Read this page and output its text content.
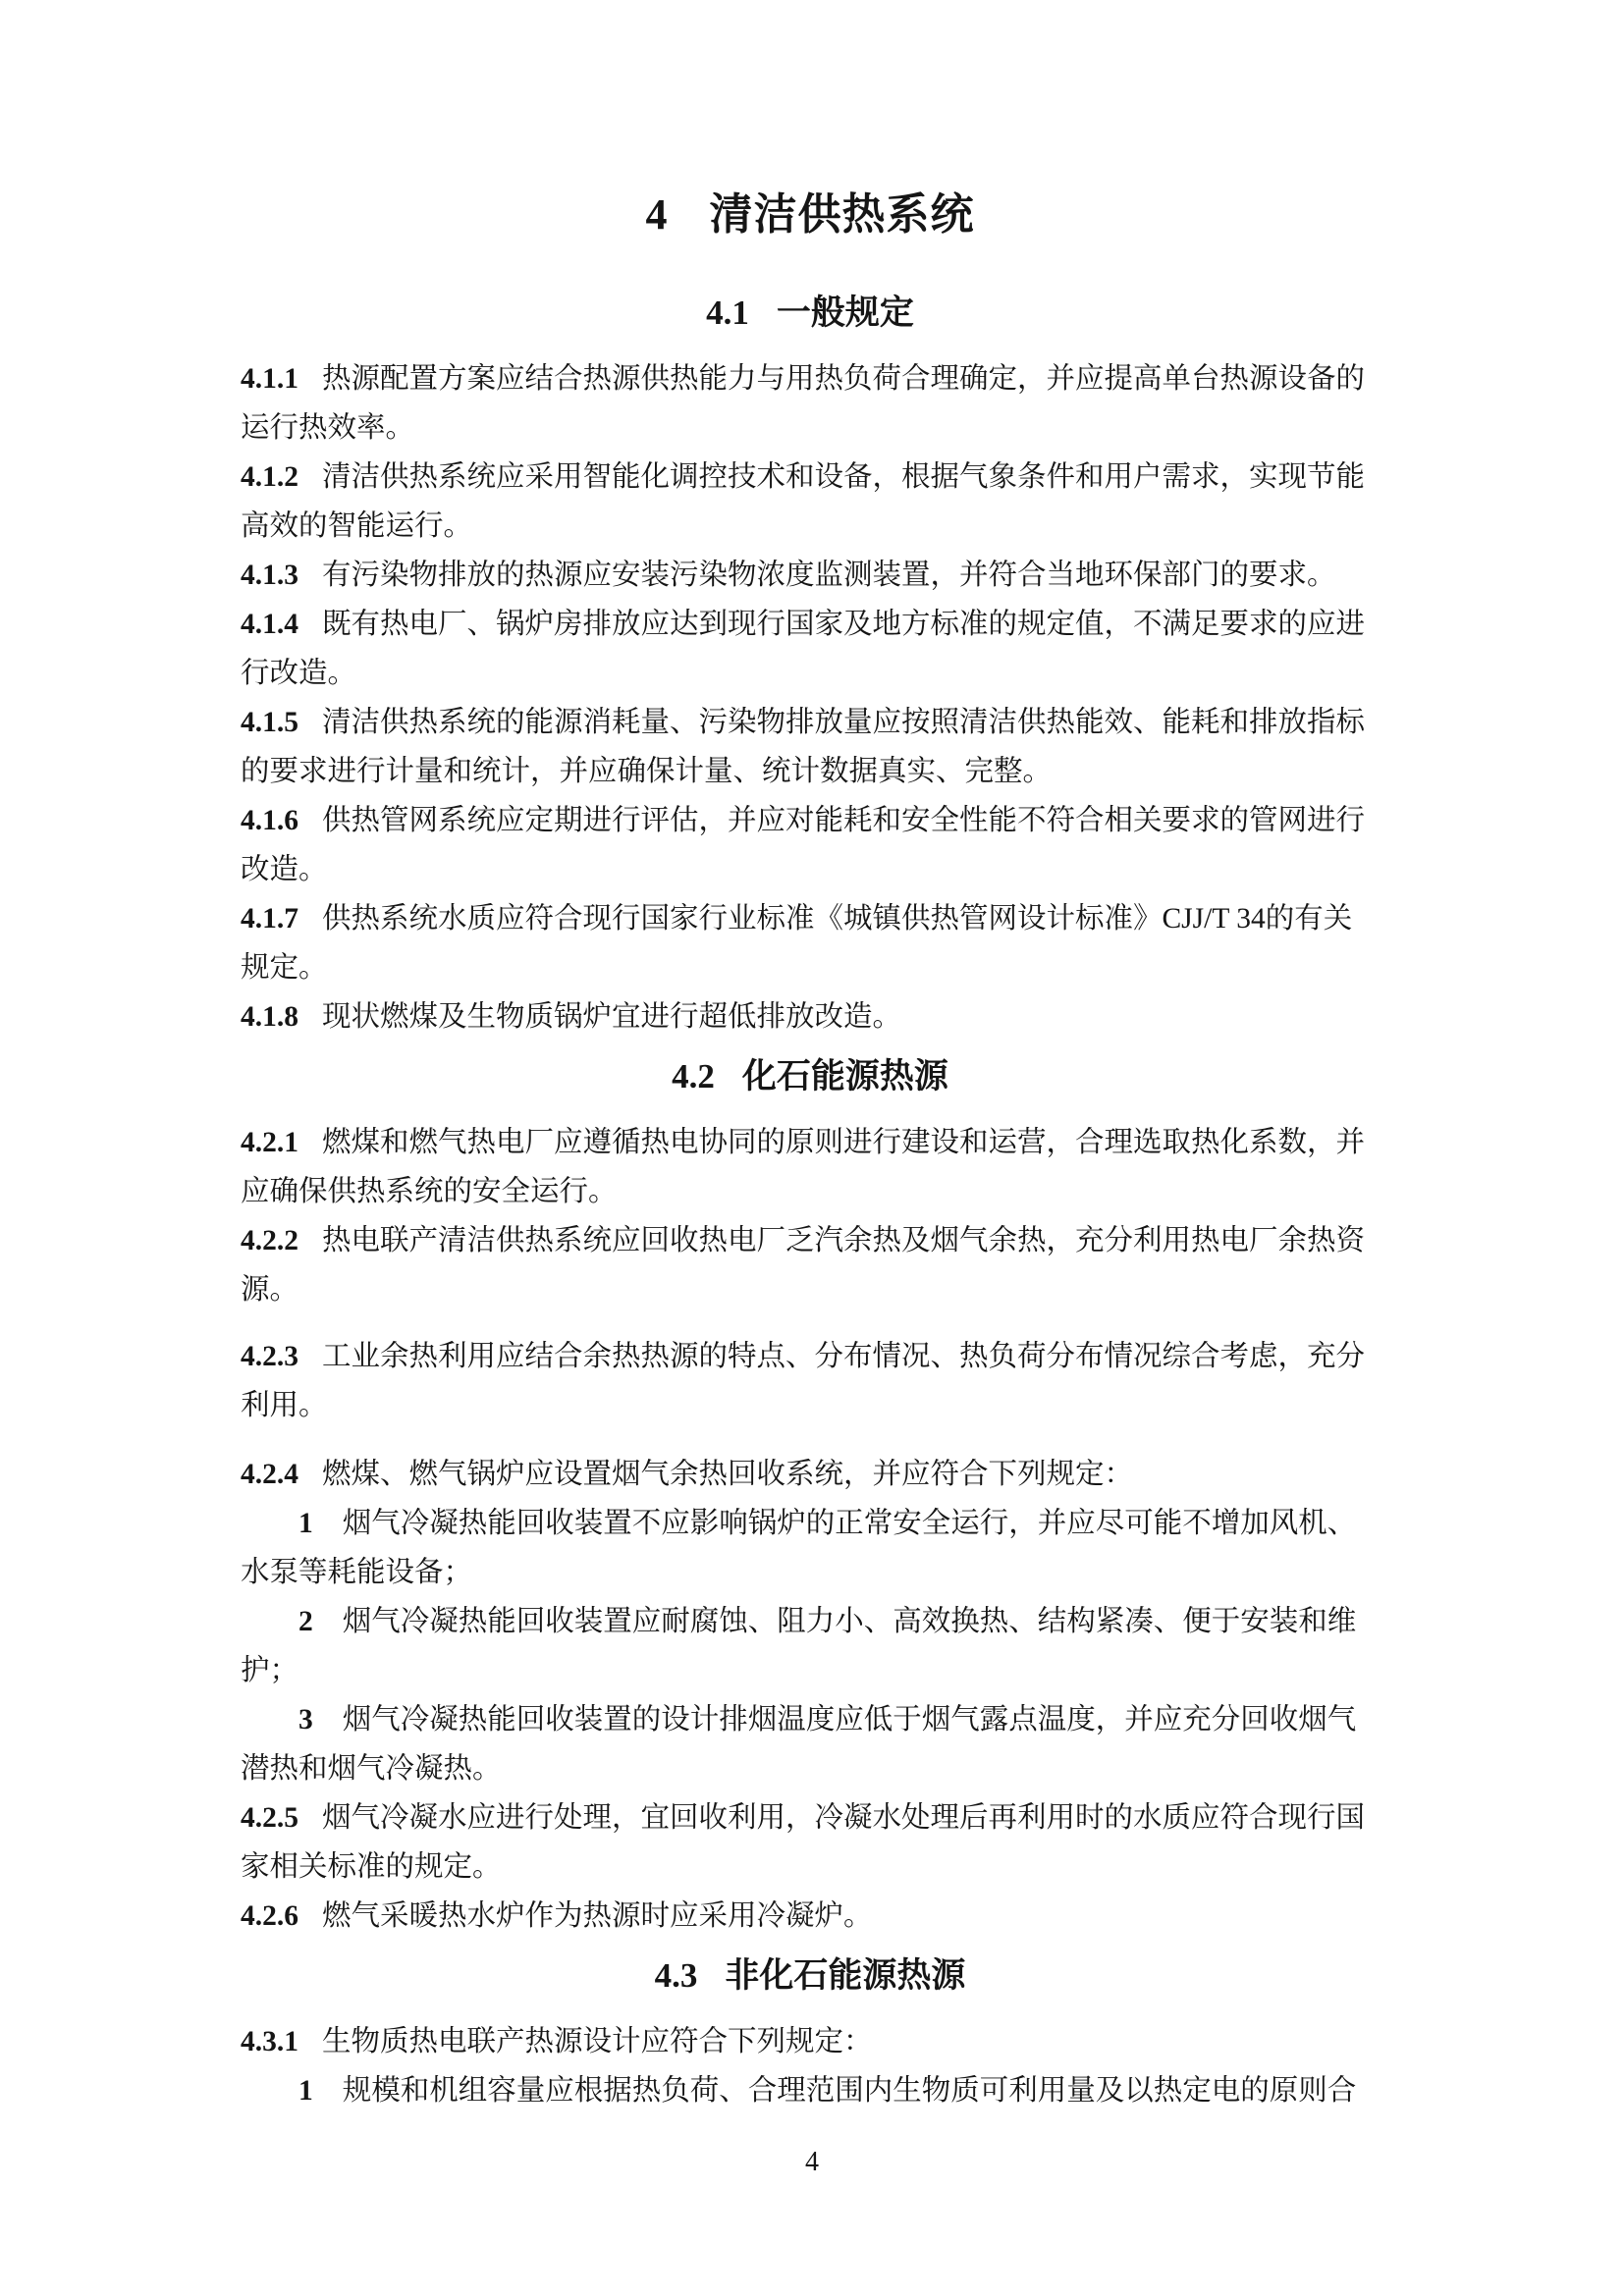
4 清洁供热系统
4.1 一般规定

4.1.1 热源配置方案应结合热源供热能力与用热负荷合理确定，并应提高单台热源设备的运行热效率。

4.1.2 清洁供热系统应采用智能化调控技术和设备，根据气象条件和用户需求，实现节能高效的智能运行。

4.1.3 有污染物排放的热源应安装污染物浓度监测装置，并符合当地环保部门的要求。

4.1.4 既有热电厂、锅炉房排放应达到现行国家及地方标准的规定值，不满足要求的应进行改造。

4.1.5 清洁供热系统的能源消耗量、污染物排放量应按照清洁供热能效、能耗和排放指标的要求进行计量和统计，并应确保计量、统计数据真实、完整。

4.1.6 供热管网系统应定期进行评估，并应对能耗和安全性能不符合相关要求的管网进行改造。

4.1.7 供热系统水质应符合现行国家行业标准《城镇供热管网设计标准》CJJ/T 34的有关规定。

4.1.8 现状燃煤及生物质锅炉宜进行超低排放改造。

4.2 化石能源热源

4.2.1 燃煤和燃气热电厂应遵循热电协同的原则进行建设和运营，合理选取热化系数，并应确保供热系统的安全运行。

4.2.2 热电联产清洁供热系统应回收热电厂乏汽余热及烟气余热，充分利用热电厂余热资源。

4.2.3 工业余热利用应结合余热热源的特点、分布情况、热负荷分布情况综合考虑，充分利用。

4.2.4 燃煤、燃气锅炉应设置烟气余热回收系统，并应符合下列规定：

1 烟气冷凝热能回收装置不应影响锅炉的正常安全运行，并应尽可能不增加风机、水泵等耗能设备；

2 烟气冷凝热能回收装置应耐腐蚀、阻力小、高效换热、结构紧凑、便于安装和维护；

3 烟气冷凝热能回收装置的设计排烟温度应低于烟气露点温度，并应充分回收烟气潜热和烟气冷凝热。

4.2.5 烟气冷凝水应进行处理，宜回收利用，冷凝水处理后再利用时的水质应符合现行国家相关标准的规定。

4.2.6 燃气采暖热水炉作为热源时应采用冷凝炉。

4.3 非化石能源热源

4.3.1 生物质热电联产热源设计应符合下列规定：

1 规模和机组容量应根据热负荷、合理范围内生物质可利用量及以热定电的原则合

4
